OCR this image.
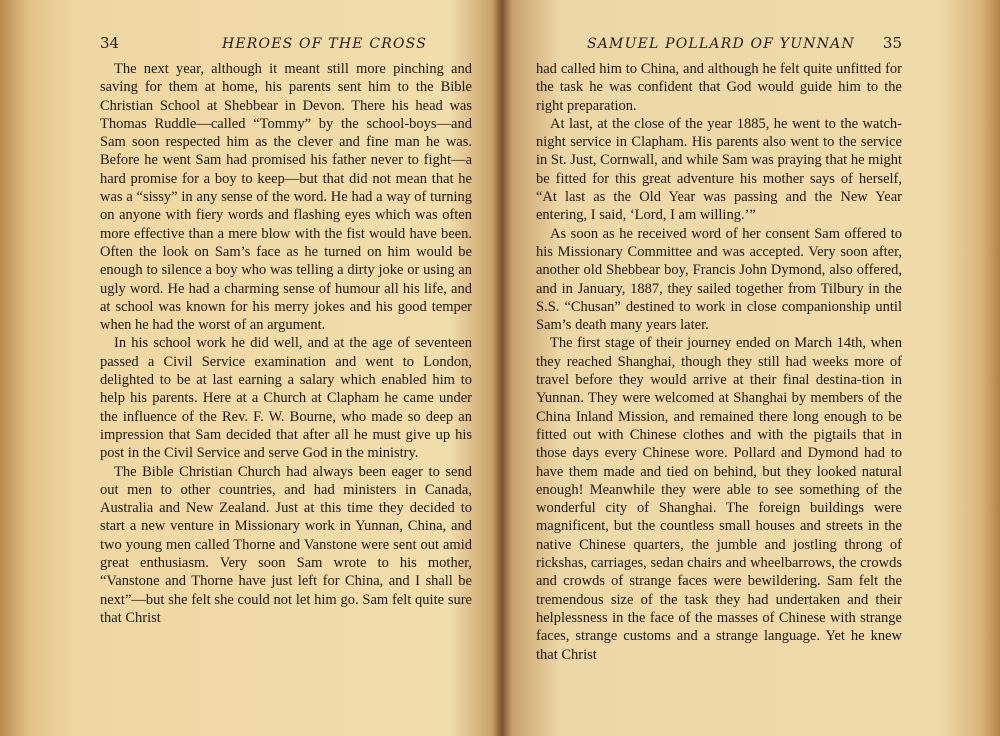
34	HEROES OF THE CROSS

The next year, although it meant still more pinching and saving for them at home, his parents sent him to the Bible Christian School at Shebbear in Devon. There his head was Thomas Ruddle—called “Tommy” by the school-boys—and Sam soon respected him as the clever and fine man he was. Before he went Sam had promised his father never to fight—a hard promise for a boy to keep—but that did not mean that he was a “sissy” in any sense of the word. He had a way of turning on anyone with fiery words and flashing eyes which was often more effective than a mere blow with the fist would have been. Often the look on Sam’s face as he turned on him would be enough to silence a boy who was telling a dirty joke or using an ugly word. He had a charming sense of humour all his life, and at school was known for his merry jokes and his good temper when he had the worst of an argument.

In his school work he did well, and at the age of seventeen passed a Civil Service examination and went to London, delighted to be at last earning a salary which enabled him to help his parents. Here at a Church at Clapham he came under the influence of the Rev. F. W. Bourne, who made so deep an impression that Sam decided that after all he must give up his post in the Civil Service and serve God in the ministry.

The Bible Christian Church had always been eager to send out men to other countries, and had ministers in Canada, Australia and New Zealand. Just at this time they decided to start a new venture in Missionary work in Yunnan, China, and two young men called Thorne and Vanstone were sent out amid great enthusiasm. Very soon Sam wrote to his mother, “Vanstone and Thorne have just left for China, and I shall be next”—but she felt she could not let him go. Sam felt quite sure that Christ

SAMUEL POLLARD OF YUNNAN 35

had called him to China, and although he felt quite unfitted for the task he was confident that God would guide him to the right preparation.

At last, at the close of the year 1885, he went to the watch-night service in Clapham. His parents also went to the service in St. Just, Cornwall, and while Sam was praying that he might be fitted for this great adventure his mother says of herself, “At last as the Old Year was passing and the New Year entering, I said, ‘Lord, I am willing.’”

As soon as he received word of her consent Sam offered to his Missionary Committee and was accepted. Very soon after, another old Shebbear boy, Francis John Dymond, also offered, and in January, 1887, they sailed together from Tilbury in the S.S. “Chusan” destined to work in close companionship until Sam’s death many years later.

The first stage of their journey ended on March 14th, when they reached Shanghai, though they still had weeks more of travel before they would arrive at their final destina-tion in Yunnan. They were welcomed at Shanghai by members of the China Inland Mission, and remained there long enough to be fitted out with Chinese clothes and with the pigtails that in those days every Chinese wore. Pollard and Dymond had to have them made and tied on behind, but they looked natural enough! Meanwhile they were able to see something of the wonderful city of Shanghai. The foreign buildings were magnificent, but the countless small houses and streets in the native Chinese quarters, the jumble and jostling throng of rickshas, carriages, sedan chairs and wheelbarrows, the crowds and crowds of strange faces were bewildering. Sam felt the tremendous size of the task they had undertaken and their helplessness in the face of the masses of Chinese with strange faces, strange customs and a strange language. Yet he knew that Christ
